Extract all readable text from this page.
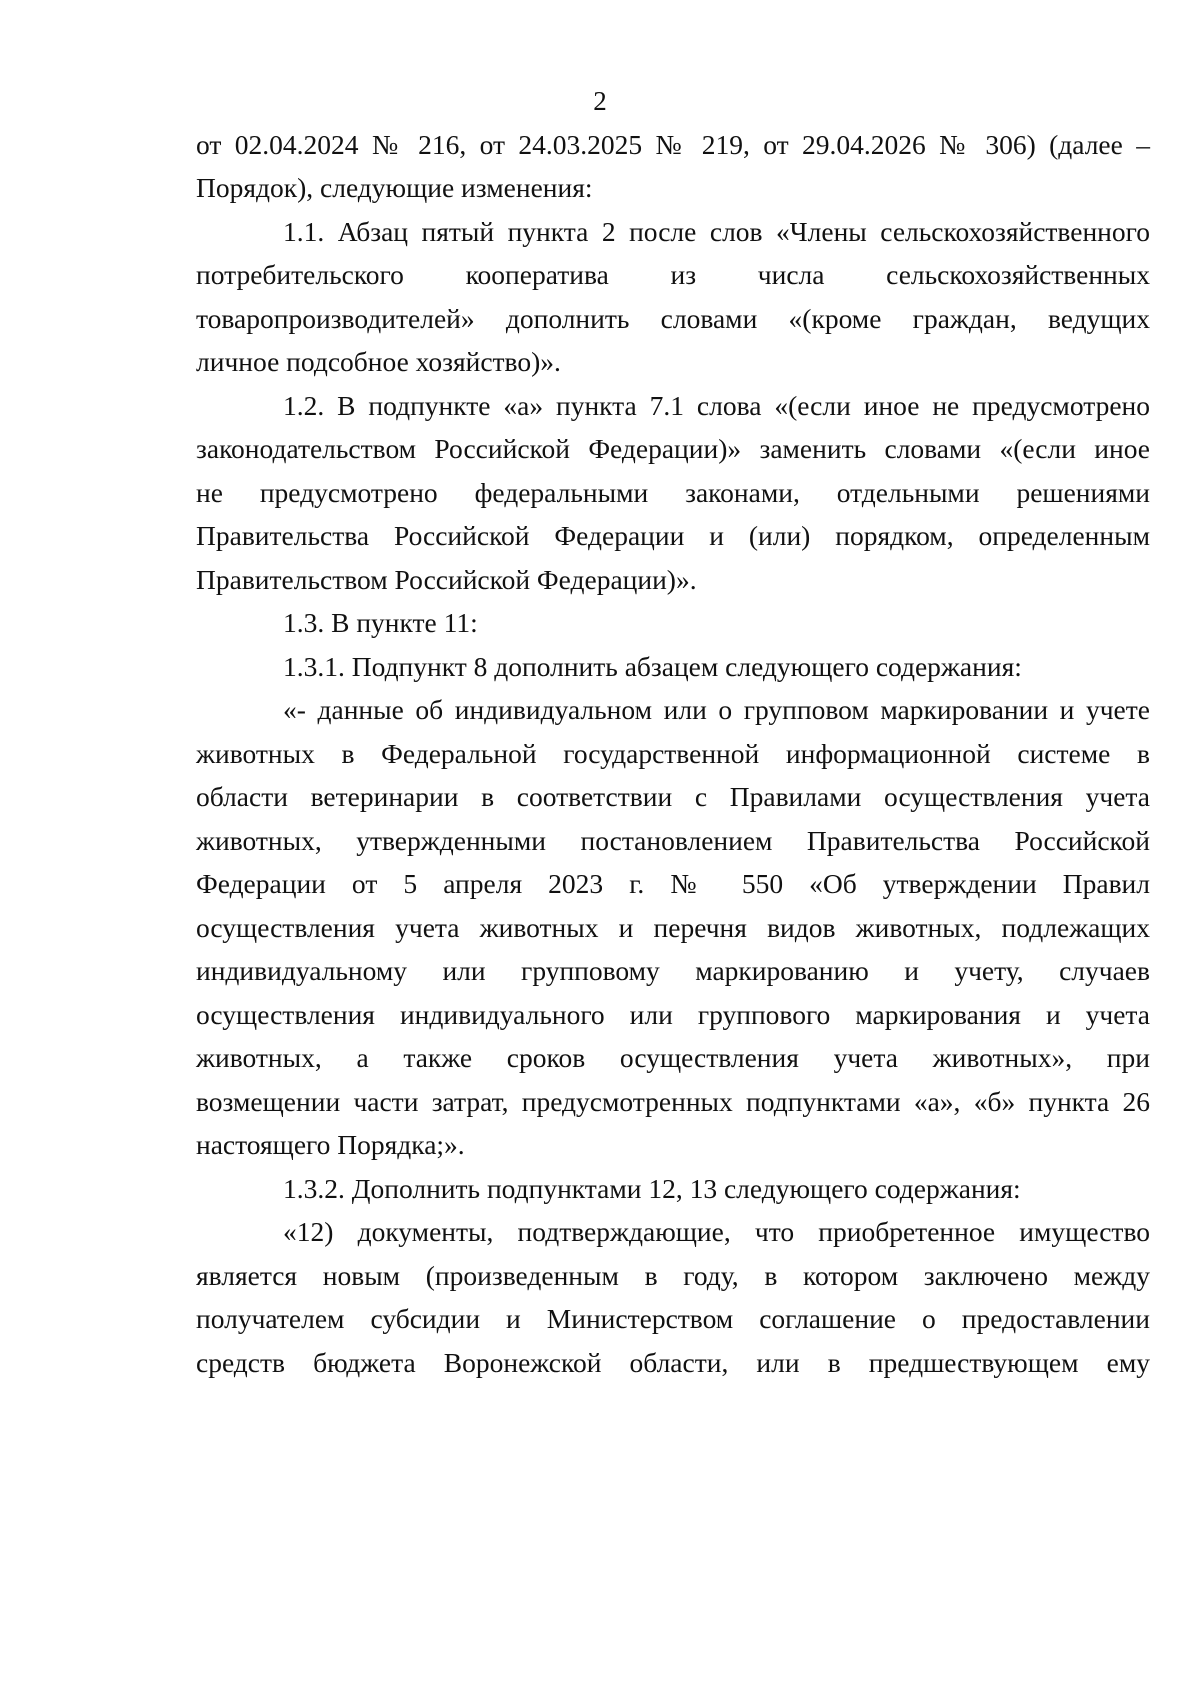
2
от 02.04.2024 № 216, от 24.03.2025 № 219, от 29.04.2026 № 306) (далее –
Порядок), следующие изменения:
1.1. Абзац пятый пункта 2 после слов «Члены сельскохозяйственного
потребительского кооператива из числа сельскохозяйственных
товаропроизводителей» дополнить словами «(кроме граждан, ведущих
личное подсобное хозяйство)».
1.2. В подпункте «а» пункта 7.1 слова «(если иное не предусмотрено
законодательством Российской Федерации)» заменить словами «(если иное
не предусмотрено федеральными законами, отдельными решениями
Правительства Российской Федерации и (или) порядком, определенным
Правительством Российской Федерации)».
1.3. В пункте 11:
1.3.1. Подпункт 8 дополнить абзацем следующего содержания:
«- данные об индивидуальном или о групповом маркировании и учете
животных в Федеральной государственной информационной системе в
области ветеринарии в соответствии с Правилами осуществления учета
животных, утвержденными постановлением Правительства Российской
Федерации от 5 апреля 2023 г. № 550 «Об утверждении Правил
осуществления учета животных и перечня видов животных, подлежащих
индивидуальному или групповому маркированию и учету, случаев
осуществления индивидуального или группового маркирования и учета
животных, а также сроков осуществления учета животных», при
возмещении части затрат, предусмотренных подпунктами «а», «б» пункта 26
настоящего Порядка;».
1.3.2. Дополнить подпунктами 12, 13 следующего содержания:
«12) документы, подтверждающие, что приобретенное имущество
является новым (произведенным в году, в котором заключено между
получателем субсидии и Министерством соглашение о предоставлении
средств бюджета Воронежской области, или в предшествующем ему
